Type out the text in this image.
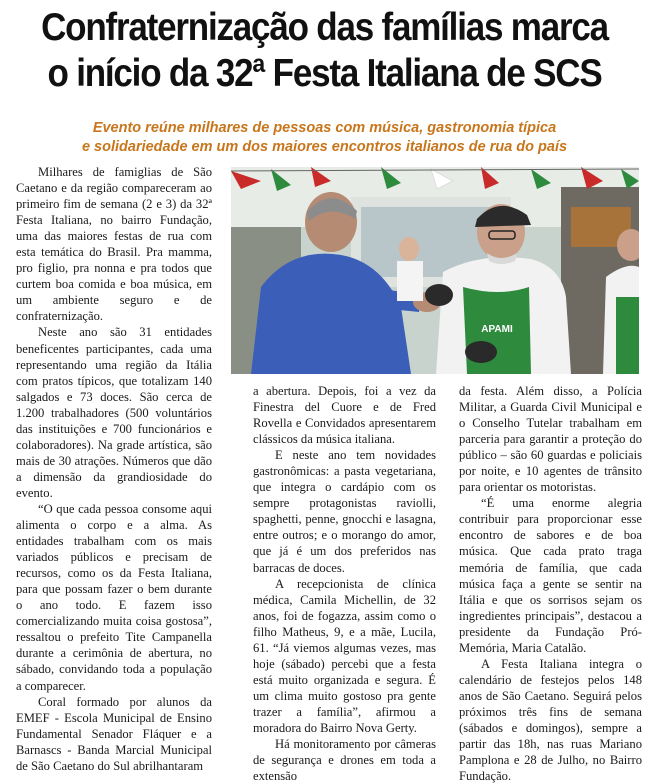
Confraternização das famílias marca
o início da 32ª Festa Italiana de SCS
Evento reúne milhares de pessoas com música, gastronomia típica
e solidariedade em um dos maiores encontros italianos de rua do país

Milhares de famiglias de São Caetano e da região compareceram ao primeiro fim de semana (2 e 3) da 32ª Festa Italiana, no bairro Fundação, uma das maiores festas de rua com esta temática do Brasil. Pra mamma, pro figlio, pra nonna e pra todos que curtem boa comida e boa música, em um ambiente seguro e de confraternização.

Neste ano são 31 entidades beneficentes participantes, cada uma representando uma região da Itália com pratos típicos, que totalizam 140 salgados e 73 doces. São cerca de 1.200 trabalhadores (500 voluntários das instituições e 700 funcionários e colaboradores). Na grade artística, são mais de 30 atrações. Números que dão a dimensão da grandiosidade do evento.

“O que cada pessoa consome aqui alimenta o corpo e a alma. As entidades trabalham com os mais variados públicos e precisam de recursos, como os da Festa Italiana, para que possam fazer o bem durante o ano todo. E fazem isso comercializando muita coisa gostosa”, ressaltou o prefeito Tite Campanella durante a cerimônia de abertura, no sábado, convidando toda a população a comparecer.

Coral formado por alunos da EMEF - Escola Municipal de Ensino Fundamental Senador Fláquer e a Barnascs - Banda Marcial Municipal de São Caetano do Sul abrilhantaram

APAMI

a abertura. Depois, foi a vez da Finestra del Cuore e de Fred Rovella e Convidados apresentarem clássicos da música italiana.

E neste ano tem novidades gastronômicas: a pasta vegetariana, que integra o cardápio com os sempre protagonistas raviolli, spaghetti, penne, gnocchi e lasagna, entre outros; e o morango do amor, que já é um dos preferidos nas barracas de doces.

A recepcionista de clínica médica, Camila Michellin, de 32 anos, foi de fogazza, assim como o filho Matheus, 9, e a mãe, Lucila, 61. “Já viemos algumas vezes, mas hoje (sábado) percebi que a festa está muito organizada e segura. É um clima muito gostoso pra gente trazer a família”, afirmou a moradora do Bairro Nova Gerty.

Há monitoramento por câmeras de segurança e drones em toda a extensão

da festa. Além disso, a Polícia Militar, a Guarda Civil Municipal e o Conselho Tutelar trabalham em parceria para garantir a proteção do público – são 60 guardas e policiais por noite, e 10 agentes de trânsito para orientar os motoristas.

“É uma enorme alegria contribuir para proporcionar esse encontro de sabores e de boa música. Que cada prato traga memória de família, que cada música faça a gente se sentir na Itália e que os sorrisos sejam os ingredientes principais”, destacou a presidente da Fundação Pró-Memória, Maria Catalão.

A Festa Italiana integra o calendário de festejos pelos 148 anos de São Caetano. Seguirá pelos próximos três fins de semana (sábados e domingos), sempre a partir das 18h, nas ruas Mariano Pamplona e 28 de Julho, no Bairro Fundação.
